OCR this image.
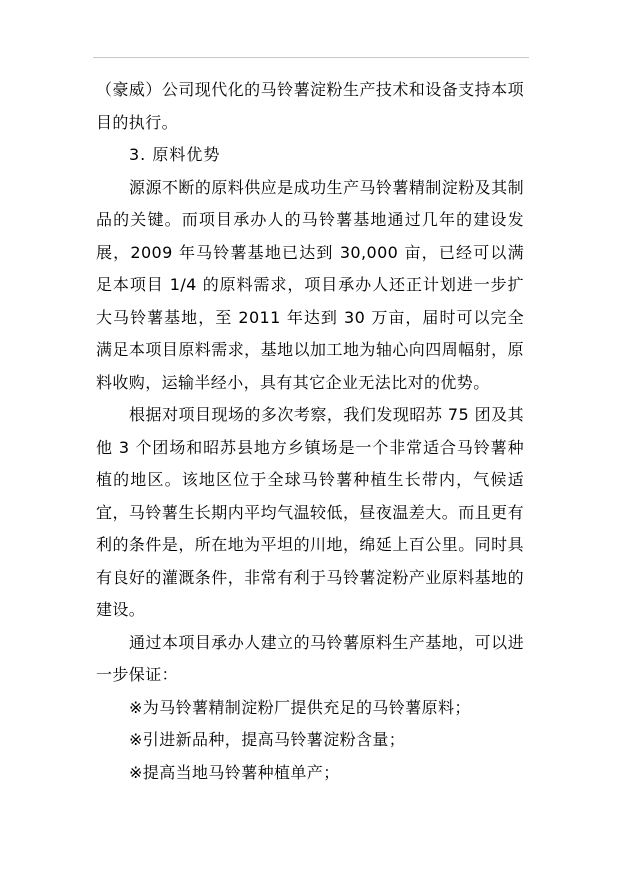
（豪威）公司现代化的马铃薯淀粉生产技术和设备支持本项目的执行。

3. 原料优势

源源不断的原料供应是成功生产马铃薯精制淀粉及其制品的关键。而项目承办人的马铃薯基地通过几年的建设发展，2009 年马铃薯基地已达到 30,000 亩，已经可以满足本项目 1/4 的原料需求，项目承办人还正计划进一步扩大马铃薯基地，至 2011 年达到 30 万亩，届时可以完全满足本项目原料需求，基地以加工地为轴心向四周幅射，原料收购，运输半经小，具有其它企业无法比对的优势。

根据对项目现场的多次考察，我们发现昭苏 75 团及其他 3 个团场和昭苏县地方乡镇场是一个非常适合马铃薯种植的地区。该地区位于全球马铃薯种植生长带内，气候适宜，马铃薯生长期内平均气温较低，昼夜温差大。而且更有利的条件是，所在地为平坦的川地，绵延上百公里。同时具有良好的灌溉条件，非常有利于马铃薯淀粉产业原料基地的建设。

通过本项目承办人建立的马铃薯原料生产基地，可以进一步保证：

※为马铃薯精制淀粉厂提供充足的马铃薯原料；

※引进新品种，提高马铃薯淀粉含量；

※提高当地马铃薯种植单产；
